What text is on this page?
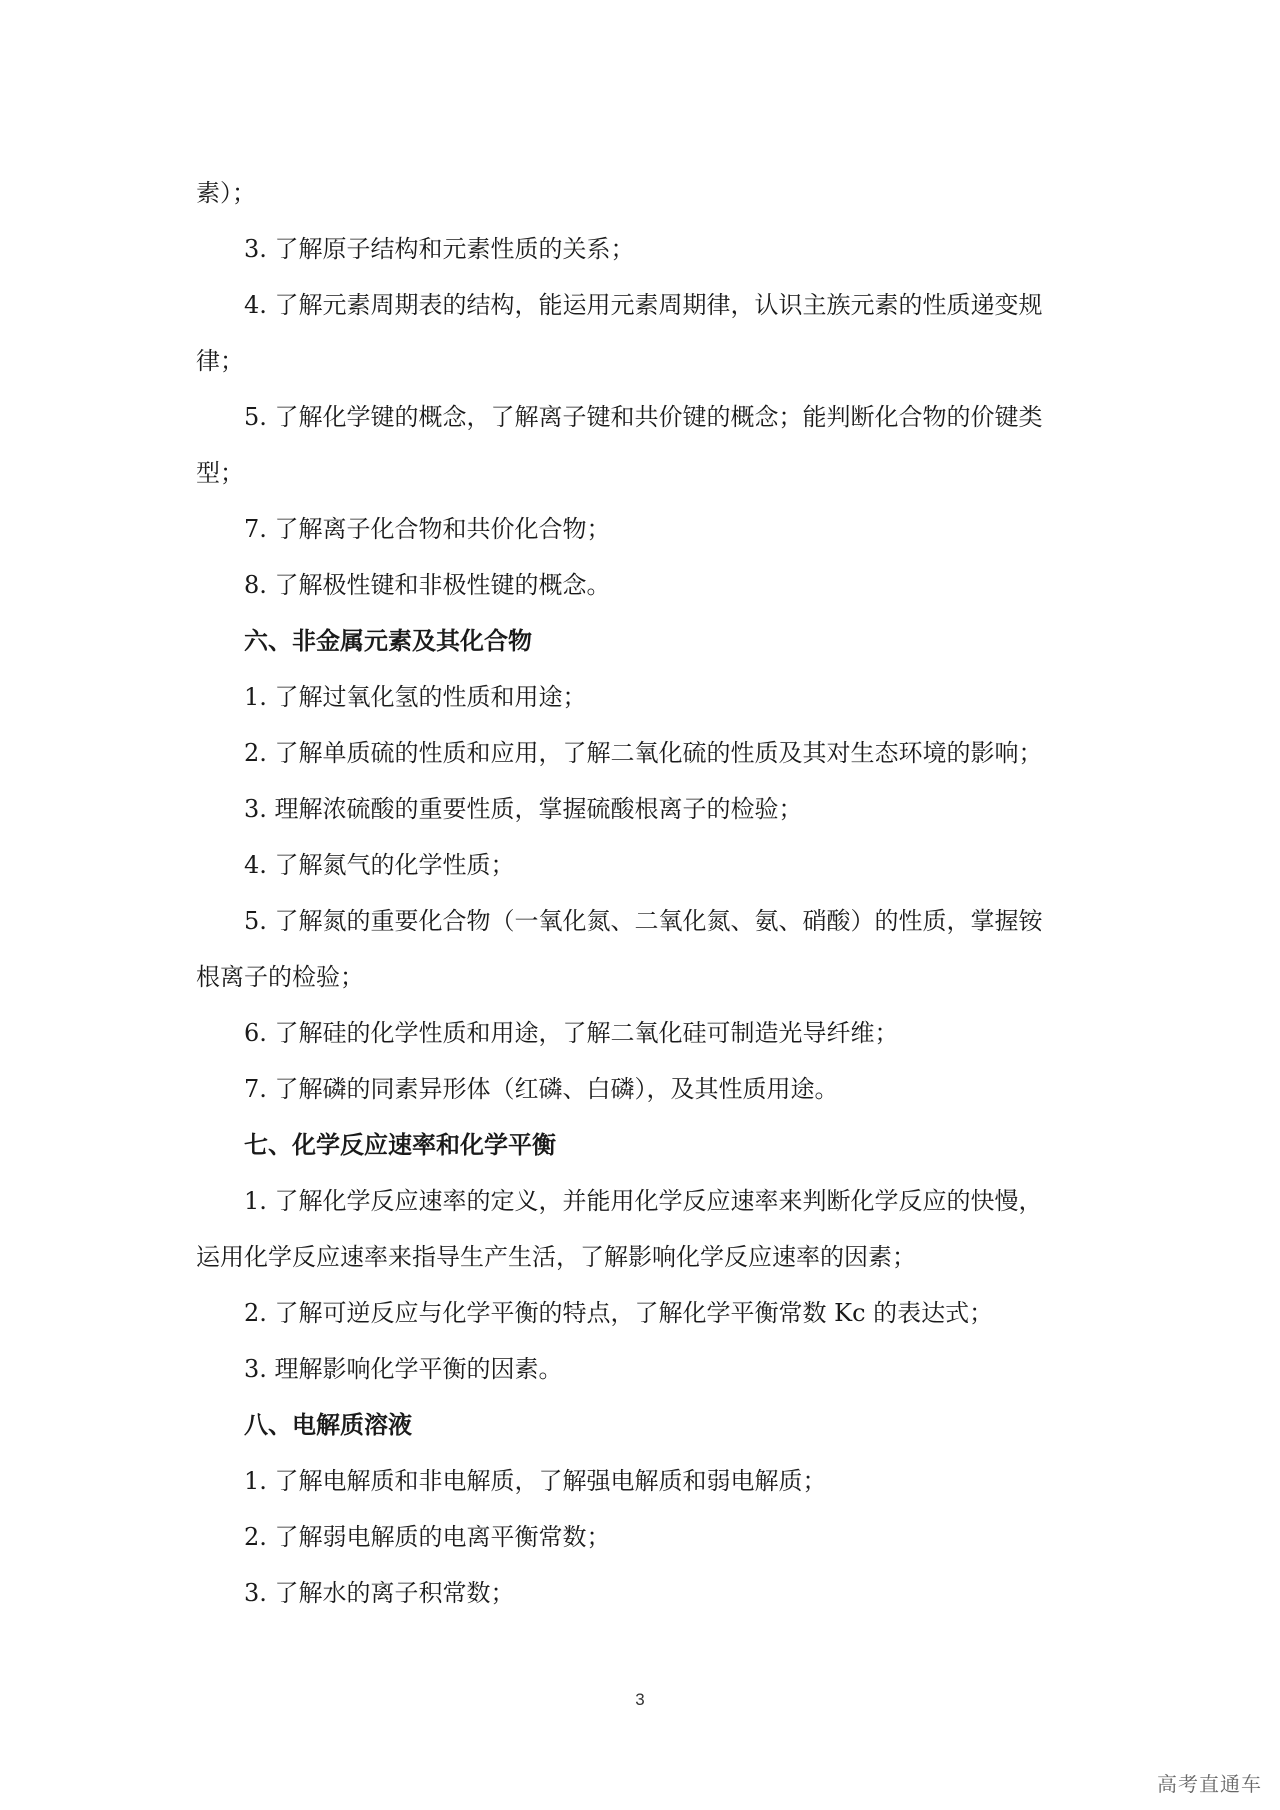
素）；
3. 了解原子结构和元素性质的关系；
4. 了解元素周期表的结构，能运用元素周期律，认识主族元素的性质递变规
律；
5. 了解化学键的概念，了解离子键和共价键的概念；能判断化合物的价键类
型；
7. 了解离子化合物和共价化合物；
8. 了解极性键和非极性键的概念。
六、非金属元素及其化合物
1. 了解过氧化氢的性质和用途；
2. 了解单质硫的性质和应用，了解二氧化硫的性质及其对生态环境的影响；
3. 理解浓硫酸的重要性质，掌握硫酸根离子的检验；
4. 了解氮气的化学性质；
5. 了解氮的重要化合物（一氧化氮、二氧化氮、氨、硝酸）的性质，掌握铵
根离子的检验；
6. 了解硅的化学性质和用途，了解二氧化硅可制造光导纤维；
7. 了解磷的同素异形体（红磷、白磷），及其性质用途。
七、化学反应速率和化学平衡
1. 了解化学反应速率的定义，并能用化学反应速率来判断化学反应的快慢，
运用化学反应速率来指导生产生活，了解影响化学反应速率的因素；
2. 了解可逆反应与化学平衡的特点，了解化学平衡常数 Kc 的表达式；
3. 理解影响化学平衡的因素。
八、电解质溶液
1. 了解电解质和非电解质，了解强电解质和弱电解质；
2. 了解弱电解质的电离平衡常数；
3. 了解水的离子积常数；
3
高考直通车
